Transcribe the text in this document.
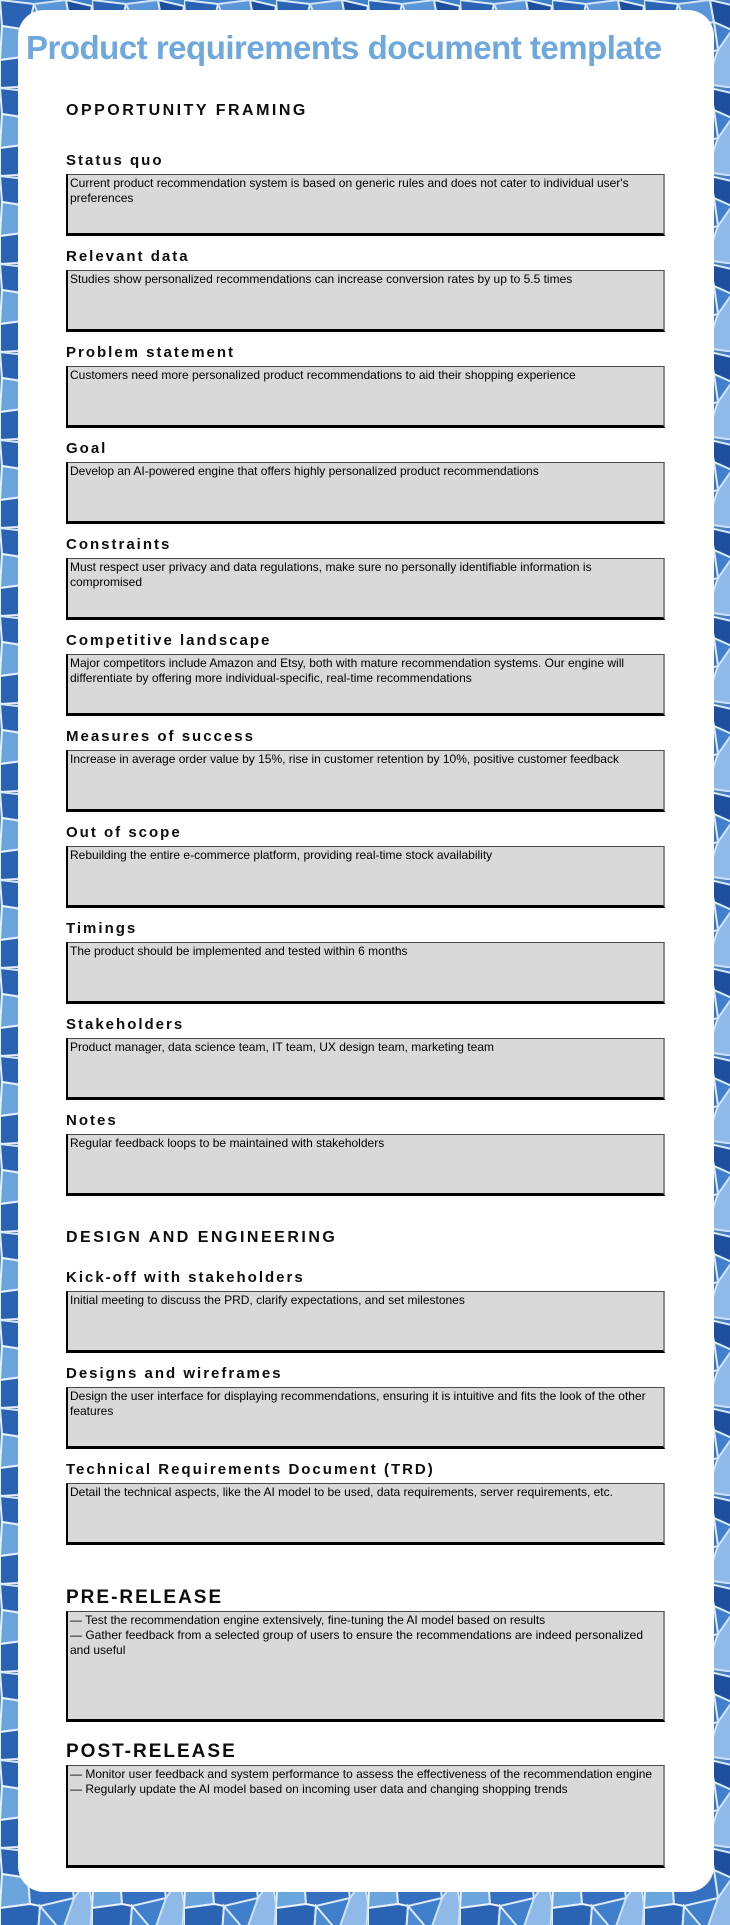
Product requirements document template
OPPORTUNITY FRAMING
Status quo
Current product recommendation system is based on generic rules and does not cater to individual user's preferences
Relevant data
Studies show personalized recommendations can increase conversion rates by up to 5.5 times
Problem statement
Customers need more personalized product recommendations to aid their shopping experience
Goal
Develop an AI-powered engine that offers highly personalized product recommendations
Constraints
Must respect user privacy and data regulations, make sure no personally identifiable information is compromised
Competitive landscape
Major competitors include Amazon and Etsy, both with mature recommendation systems. Our engine will differentiate by offering more individual-specific, real-time recommendations
Measures of success
Increase in average order value by 15%, rise in customer retention by 10%, positive customer feedback
Out of scope
Rebuilding the entire e-commerce platform, providing real-time stock availability
Timings
The product should be implemented and tested within 6 months
Stakeholders
Product manager, data science team, IT team, UX design team, marketing team
Notes
Regular feedback loops to be maintained with stakeholders
DESIGN AND ENGINEERING
Kick-off with stakeholders
Initial meeting to discuss the PRD, clarify expectations, and set milestones
Designs and wireframes
Design the user interface for displaying recommendations, ensuring it is intuitive and fits the look of the other features
Technical Requirements Document (TRD)
Detail the technical aspects, like the AI model to be used, data requirements, server requirements, etc.
PRE-RELEASE
— Test the recommendation engine extensively, fine-tuning the AI model based on results — Gather feedback from a selected group of users to ensure the recommendations are indeed personalized and useful
POST-RELEASE
— Monitor user feedback and system performance to assess the effectiveness of the recommendation engine — Regularly update the AI model based on incoming user data and changing shopping trends
